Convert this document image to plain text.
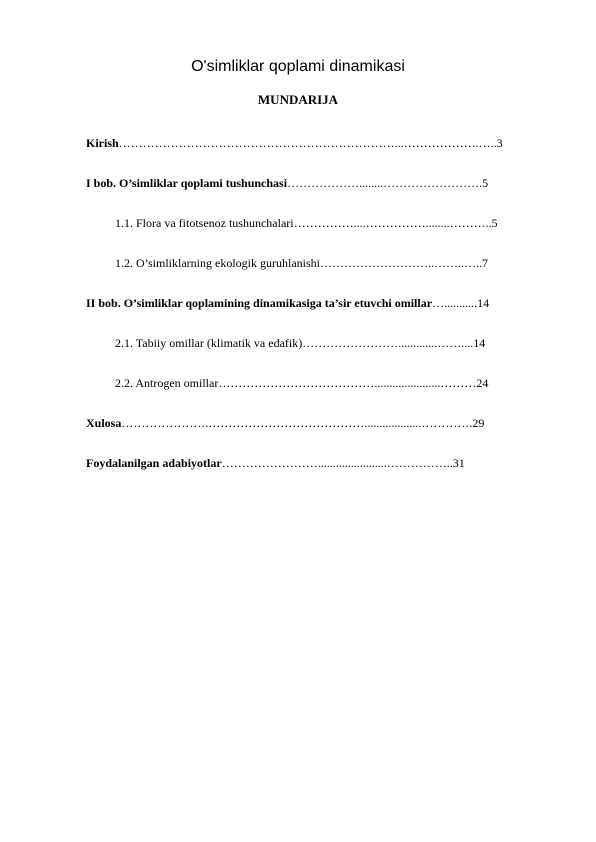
O'simliklar qoplami dinamikasi
MUNDARIJA
Kirish……………………………………………………………...……………….…..3
I bob. O’simliklar qoplami tushunchasi………………........…………………….5
1.1. Flora va fitotsenoz tushunchalari……………....……………........………..5
1.2. O’simliklarning ekologik guruhlanishi………………………..……..…..7
II bob. O’simliklar qoplamining dinamikasiga ta’sir etuvchi omillar…...........14
2.1. Tabiiy omillar (klimatik va edafik)…………………….............……....14
2.2. Antrogen omillar…………………………………......................………24
Xulosa………………….…………………………………...................………….29
Foydalanilgan adabiyotlar…………………….......................……………..31
